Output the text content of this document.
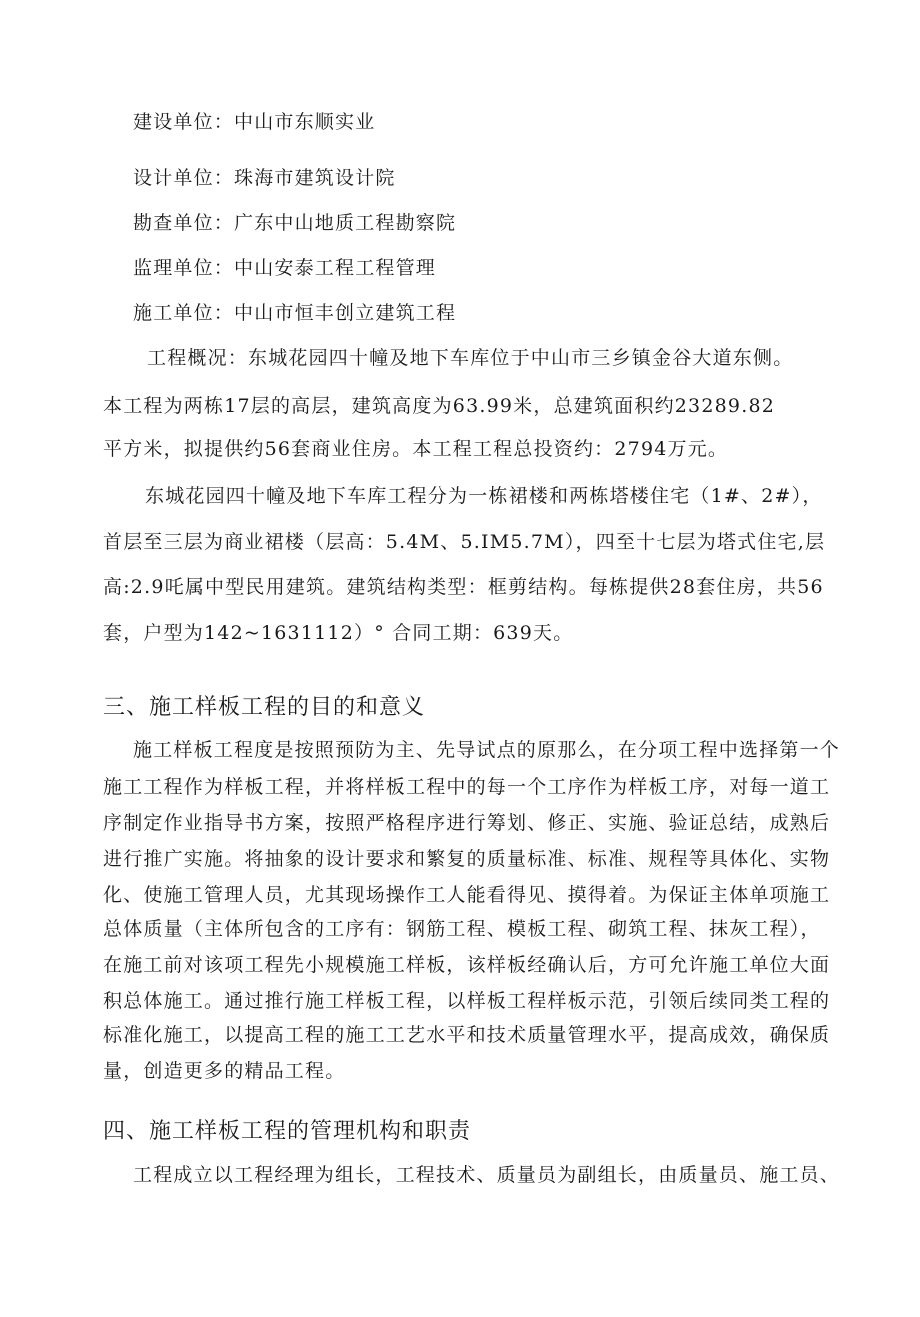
建设单位：中山市东顺实业
设计单位：珠海市建筑设计院
勘查单位：广东中山地质工程勘察院
监理单位：中山安泰工程工程管理
施工单位：中山市恒丰创立建筑工程
工程概况：东城花园四十幢及地下车库位于中山市三乡镇金谷大道东侧。
本工程为两栋17层的高层，建筑高度为63.99米，总建筑面积约23289.82
平方米，拟提供约56套商业住房。本工程工程总投资约：2794万元。
东城花园四十幢及地下车库工程分为一栋裙楼和两栋塔楼住宅（1#、2#），
首层至三层为商业裙楼（层高：5.4M、5.IM5.7M），四至十七层为塔式住宅,层
高:2.9吒属中型民用建筑。建筑结构类型：框剪结构。每栋提供28套住房，共56
套，户型为142~1631112）° 合同工期：639天。
三、施工样板工程的目的和意义
施工样板工程度是按照预防为主、先导试点的原那么，在分项工程中选择第一个
施工工程作为样板工程，并将样板工程中的每一个工序作为样板工序，对每一道工
序制定作业指导书方案，按照严格程序进行筹划、修正、实施、验证总结，成熟后
进行推广实施。将抽象的设计要求和繁复的质量标准、标准、规程等具体化、实物
化、使施工管理人员，尤其现场操作工人能看得见、摸得着。为保证主体单项施工
总体质量（主体所包含的工序有：钢筋工程、模板工程、砌筑工程、抹灰工程），
在施工前对该项工程先小规模施工样板，该样板经确认后，方可允许施工单位大面
积总体施工。通过推行施工样板工程，以样板工程样板示范，引领后续同类工程的
标准化施工，以提高工程的施工工艺水平和技术质量管理水平，提高成效，确保质
量，创造更多的精品工程。
四、施工样板工程的管理机构和职责
工程成立以工程经理为组长，工程技术、质量员为副组长，由质量员、施工员、
